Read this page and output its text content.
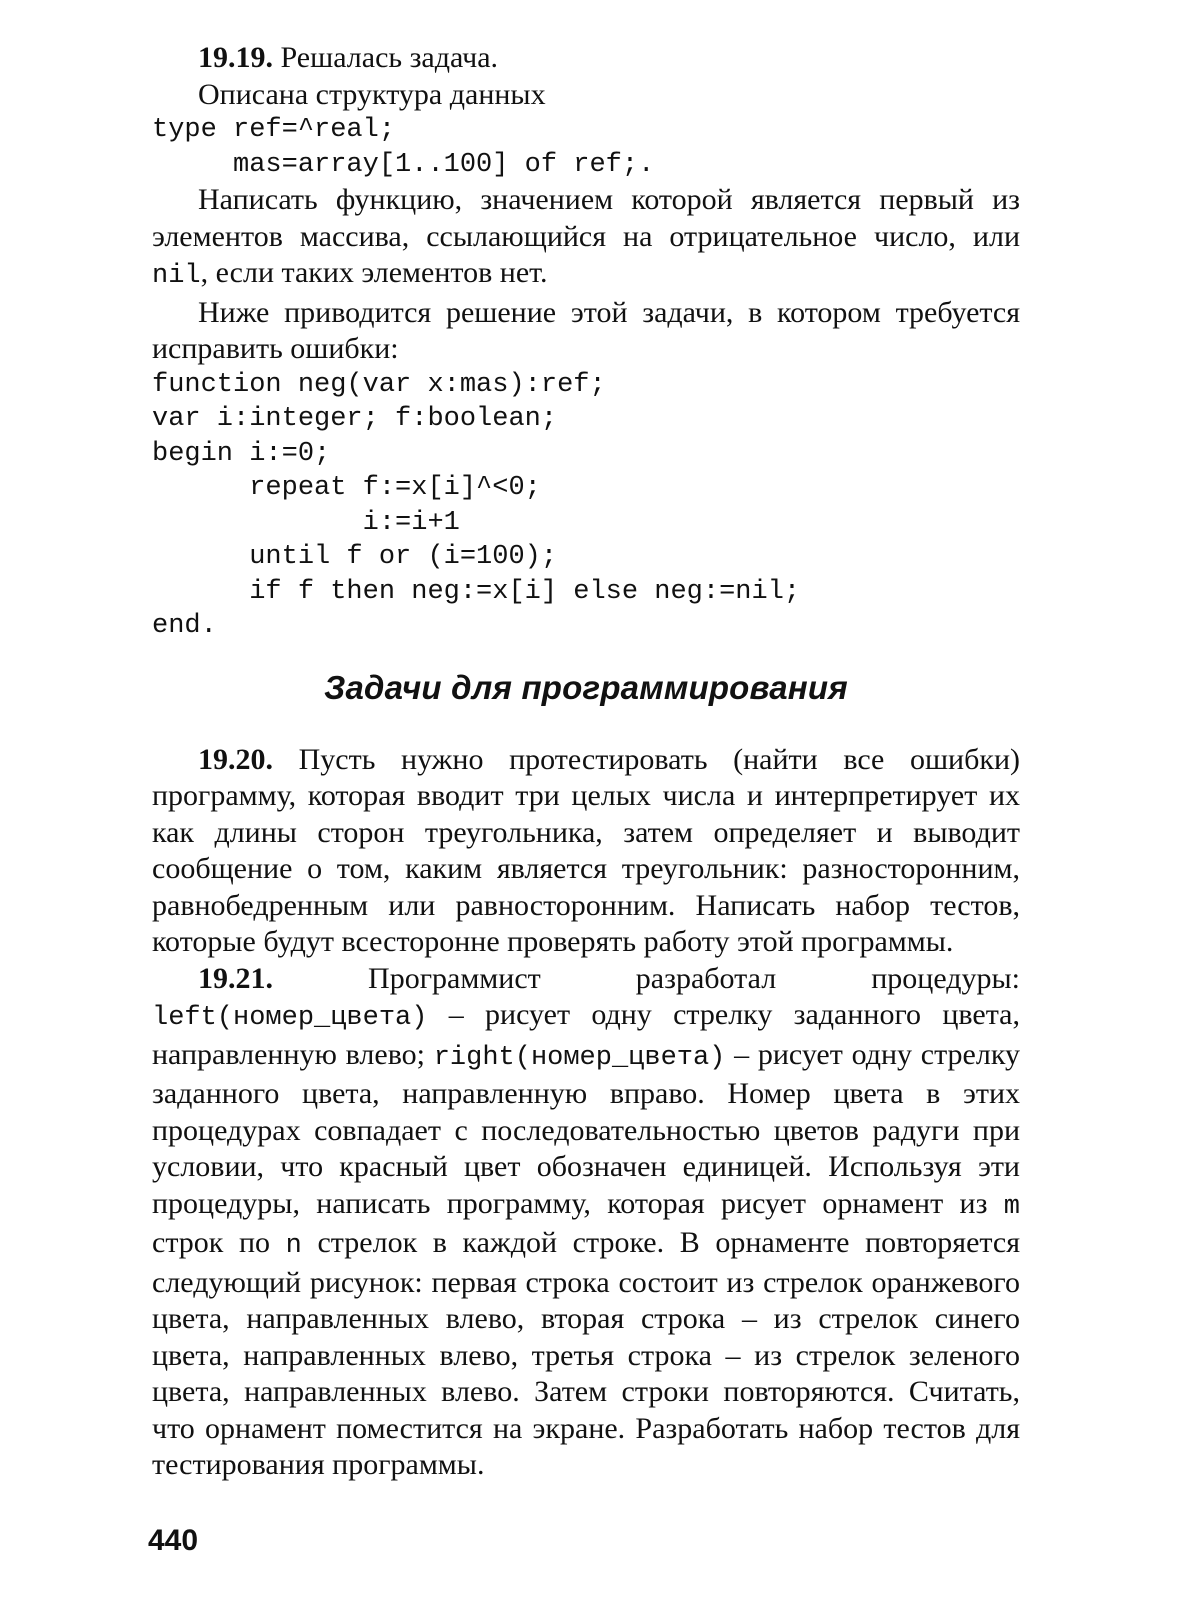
19.19. Решалась задача.

Описана структура данных

type ref=^real;
mas=array[1..100] of ref;.

Написать функцию, значением которой является первый из элементов массива, ссылающийся на отрицательное число, или nil, если таких элементов нет.

Ниже приводится решение этой задачи, в котором требуется исправить ошибки:

function neg(var x:mas):ref;
var i:integer; f:boolean;
begin i:=0;
repeat f:=x[i]^<0;
i:=i+1
until f or (i=100);
if f then neg:=x[i] else neg:=nil;
end.
Задачи для программирования

19.20. Пусть нужно протестировать (найти все ошибки) программу, которая вводит три целых числа и интерпретирует их как длины сторон треугольника, затем определяет и выводит сообщение о том, каким является треугольник: разносторонним, равнобедренным или равносторонним. Написать набор тестов, которые будут всесторонне проверять работу этой программы.

19.21. Программист разработал процедуры: left(номер_цвета) – рисует одну стрелку заданного цвета, направленную влево; right(номер_цвета) – рисует одну стрелку заданного цвета, направленную вправо. Номер цвета в этих процедурах совпадает с последовательностью цветов радуги при условии, что красный цвет обозначен единицей. Используя эти процедуры, написать программу, которая рисует орнамент из m строк по n стрелок в каждой строке. В орнаменте повторяется следующий рисунок: первая строка состоит из стрелок оранжевого цвета, направленных влево, вторая строка – из стрелок синего цвета, направленных влево, третья строка – из стрелок зеленого цвета, направленных влево. Затем строки повторяются. Считать, что орнамент поместится на экране. Разработать набор тестов для тестирования программы.

440
